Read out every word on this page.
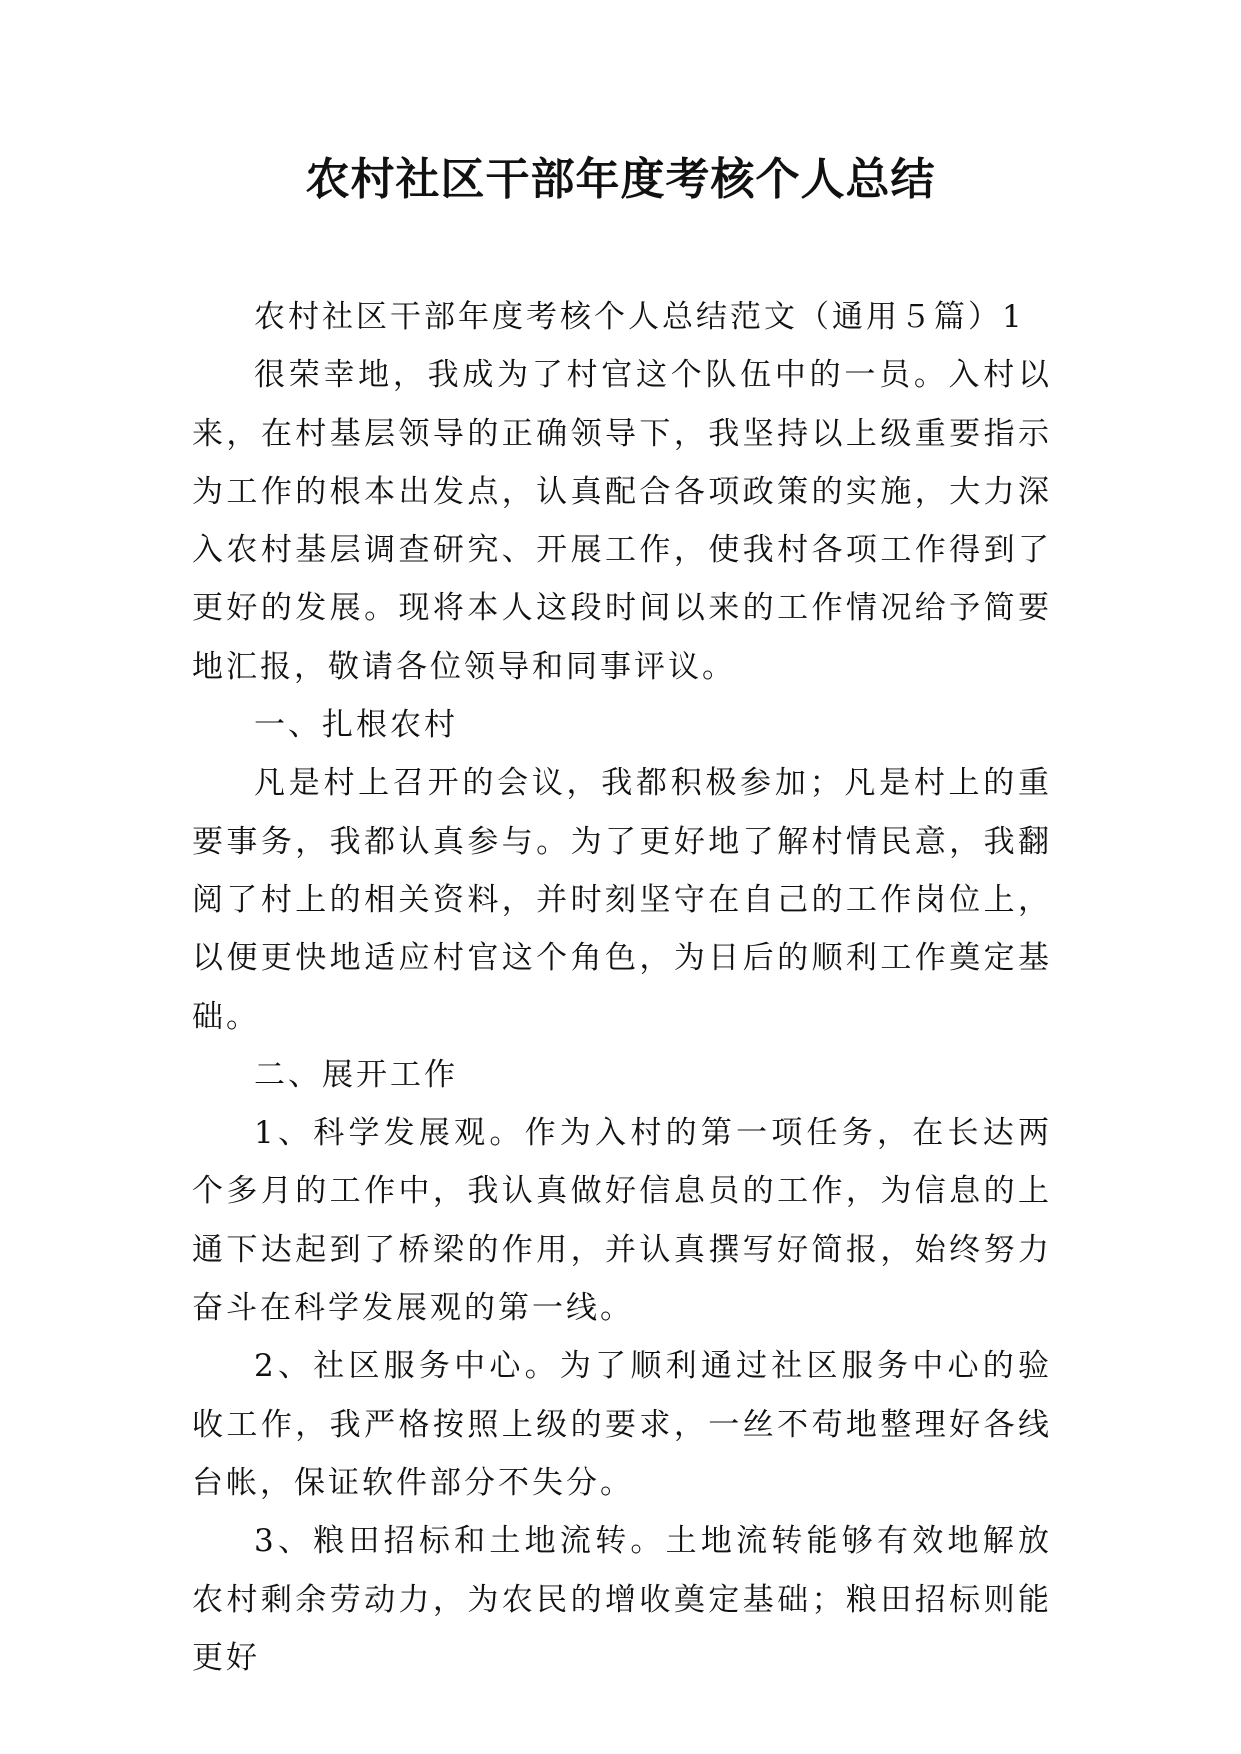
农村社区干部年度考核个人总结

农村社区干部年度考核个人总结范文（通用５篇）1

很荣幸地，我成为了村官这个队伍中的一员。入村以来，在村基层领导的正确领导下，我坚持以上级重要指示为工作的根本出发点，认真配合各项政策的实施，大力深入农村基层调查研究、开展工作，使我村各项工作得到了更好的发展。现将本人这段时间以来的工作情况给予简要地汇报，敬请各位领导和同事评议。

一、扎根农村

凡是村上召开的会议，我都积极参加；凡是村上的重要事务，我都认真参与。为了更好地了解村情民意，我翻阅了村上的相关资料，并时刻坚守在自己的工作岗位上，以便更快地适应村官这个角色，为日后的顺利工作奠定基础。

二、展开工作

1、科学发展观。作为入村的第一项任务，在长达两个多月的工作中，我认真做好信息员的工作，为信息的上通下达起到了桥梁的作用，并认真撰写好简报，始终努力奋斗在科学发展观的第一线。

2、社区服务中心。为了顺利通过社区服务中心的验收工作，我严格按照上级的要求，一丝不苟地整理好各线台帐，保证软件部分不失分。

3、粮田招标和土地流转。土地流转能够有效地解放农村剩余劳动力，为农民的增收奠定基础；粮田招标则能更好
